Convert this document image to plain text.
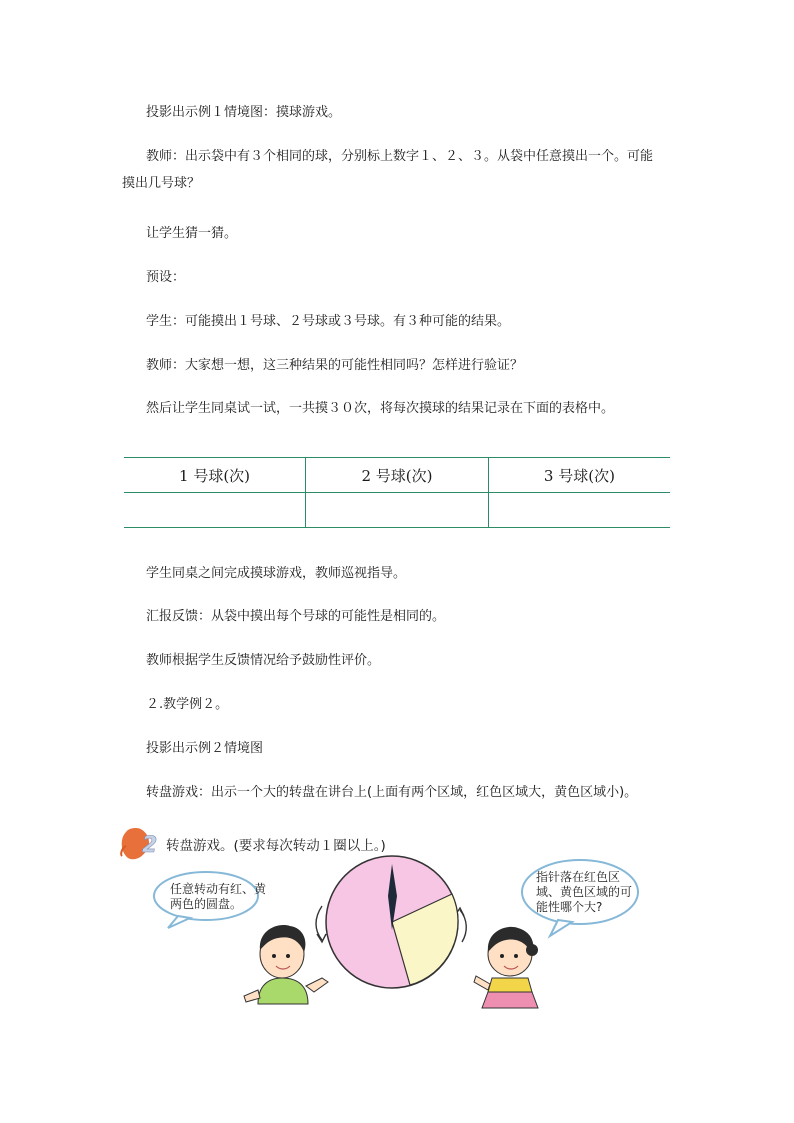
投影出示例１情境图：摸球游戏。
教师：出示袋中有３个相同的球，分别标上数字１、２、３。从袋中任意摸出一个。可能
摸出几号球？
让学生猜一猜。
预设：
学生：可能摸出１号球、２号球或３号球。有３种可能的结果。
教师：大家想一想，这三种结果的可能性相同吗？怎样进行验证？
然后让学生同桌试一试，一共摸３０次，将每次摸球的结果记录在下面的表格中。
1 号球(次)	2 号球(次)	3 号球(次)

学生同桌之间完成摸球游戏，教师巡视指导。
汇报反馈：从袋中摸出每个号球的可能性是相同的。
教师根据学生反馈情况给予鼓励性评价。
２.教学例２。
投影出示例２情境图
转盘游戏：出示一个大的转盘在讲台上(上面有两个区域，红色区域大，黄色区域小)。
2 转盘游戏。(要求每次转动１圈以上。)
任意转动有红、黄
两色的圆盘。
指针落在红色区
域、黄色区域的可
能性哪个大?
